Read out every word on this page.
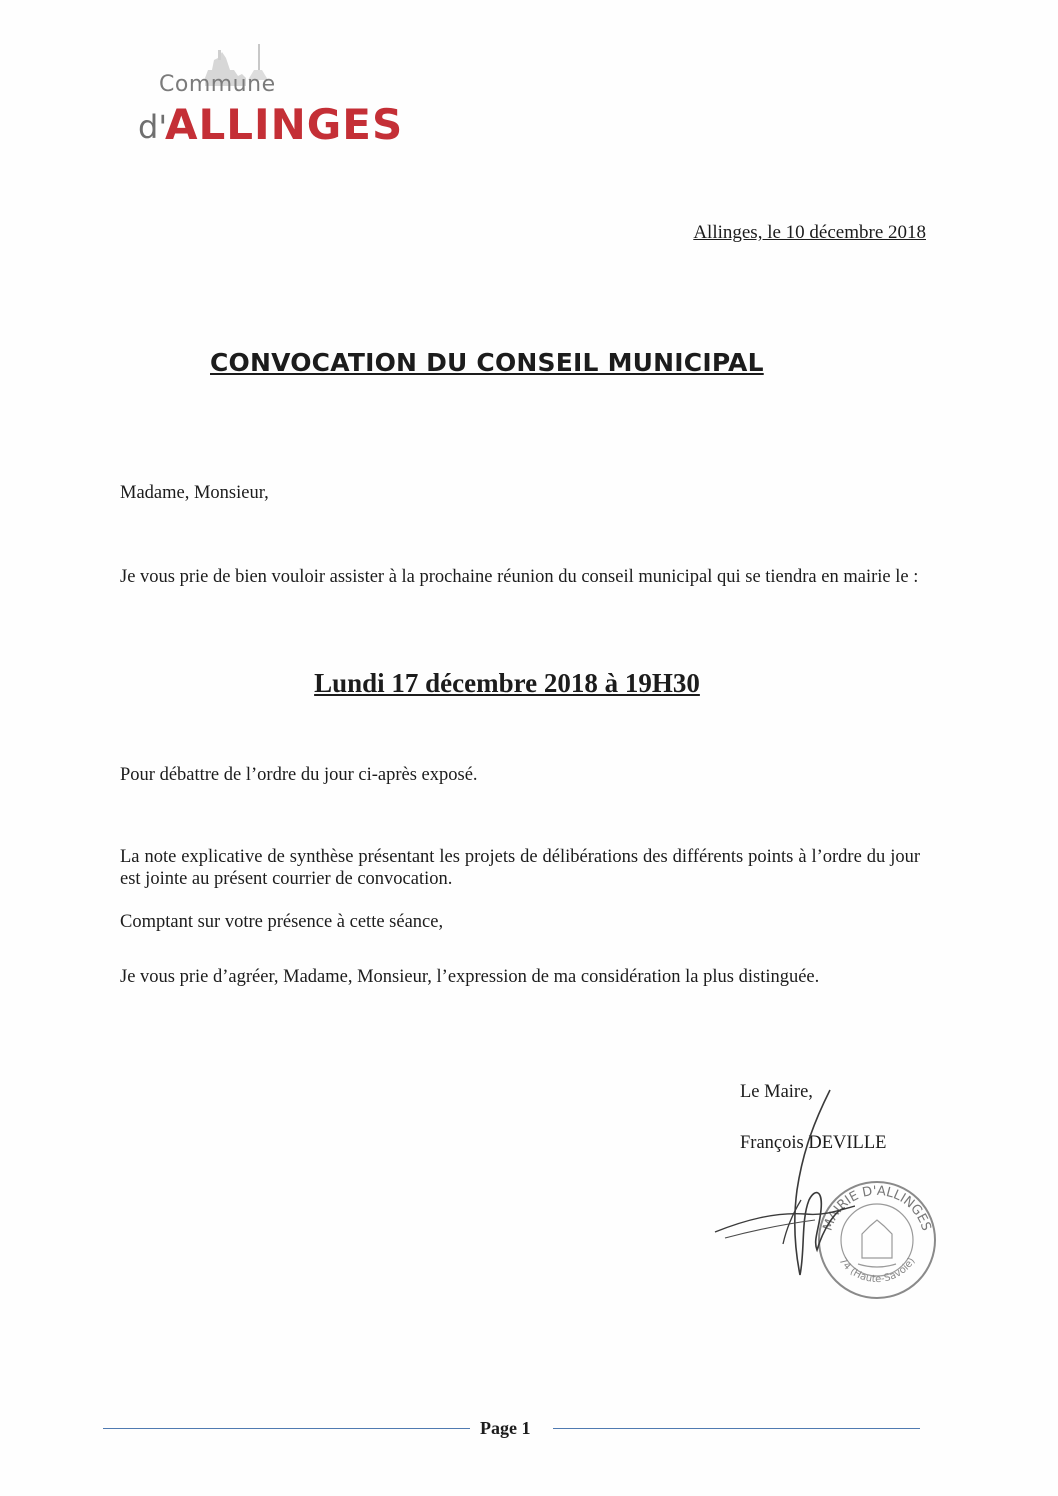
Commune
d'
ALLINGES
Allinges, le 10 décembre 2018
CONVOCATION DU CONSEIL MUNICIPAL
Madame, Monsieur,
Je vous prie de bien vouloir assister à la prochaine réunion du conseil municipal qui se tiendra en mairie le :
Lundi 17 décembre 2018 à 19H30
Pour débattre de l’ordre du jour ci-après exposé.
La note explicative de synthèse présentant les projets de délibérations des différents points à l’ordre du jour est jointe au présent courrier de convocation.
Comptant sur votre présence à cette séance,
Je vous prie d’agréer, Madame, Monsieur, l’expression de ma considération la plus distinguée.
Le Maire,
François DEVILLE
MAIRIE D'ALLINGES
74 (Haute-Savoie)
Page 1
